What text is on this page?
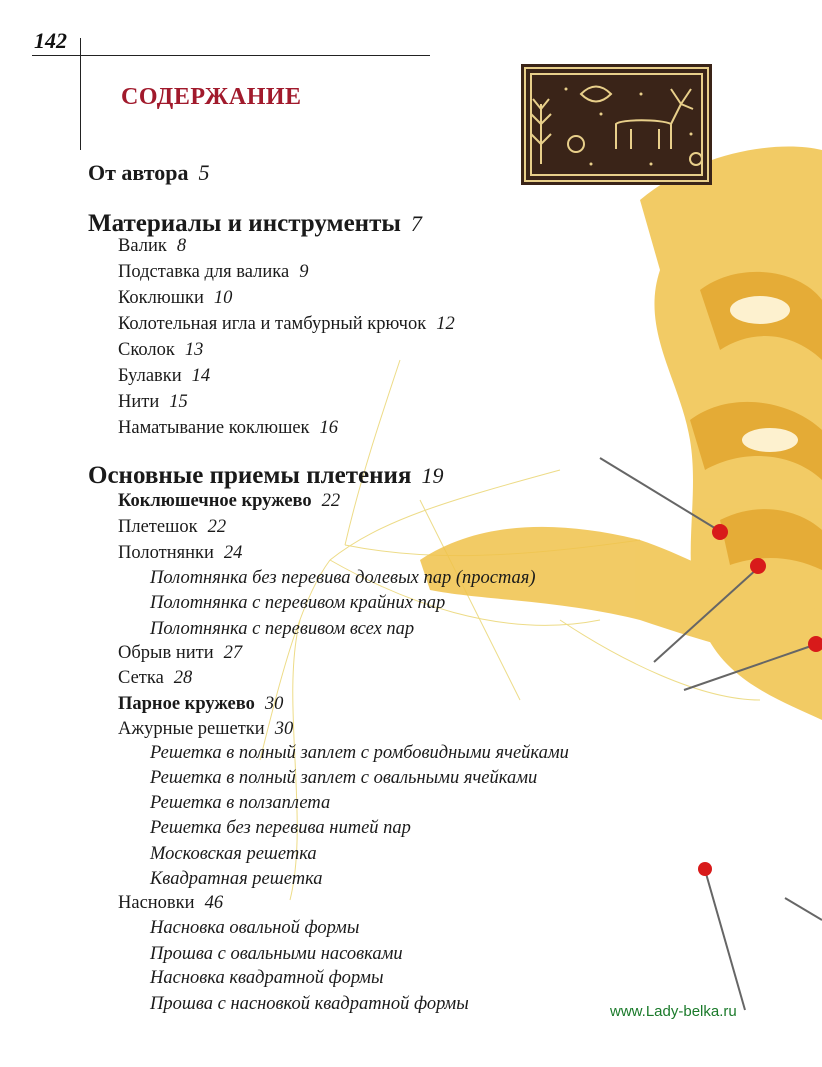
142
СОДЕРЖАНИЕ
От автора 5
Материалы и инструменты 7
Валик 8
Подставка для валика 9
Коклюшки 10
Колотельная игла и тамбурный крючок 12
Сколок 13
Булавки 14
Нити 15
Наматывание коклюшек 16
Основные приемы плетения 19
Коклюшечное кружево 22
Плетешок 22
Полотнянки 24
Полотнянка без перевива долевых пар (простая)
Полотнянка с перевивом крайних пар
Полотнянка с перевивом всех пар
Обрыв нити 27
Сетка 28
Парное кружево 30
Ажурные решетки 30
Решетка в полный заплет с ромбовидными ячейками
Решетка в полный заплет с овальными ячейками
Решетка в ползаплета
Решетка без перевива нитей пар
Московская решетка
Квадратная решетка
Насновки 46
Насновка овальной формы
Прошва с овальными насовками
Насновка квадратной формы
Прошва с насновкой квадратной формы	www.Lady-belka.ru
